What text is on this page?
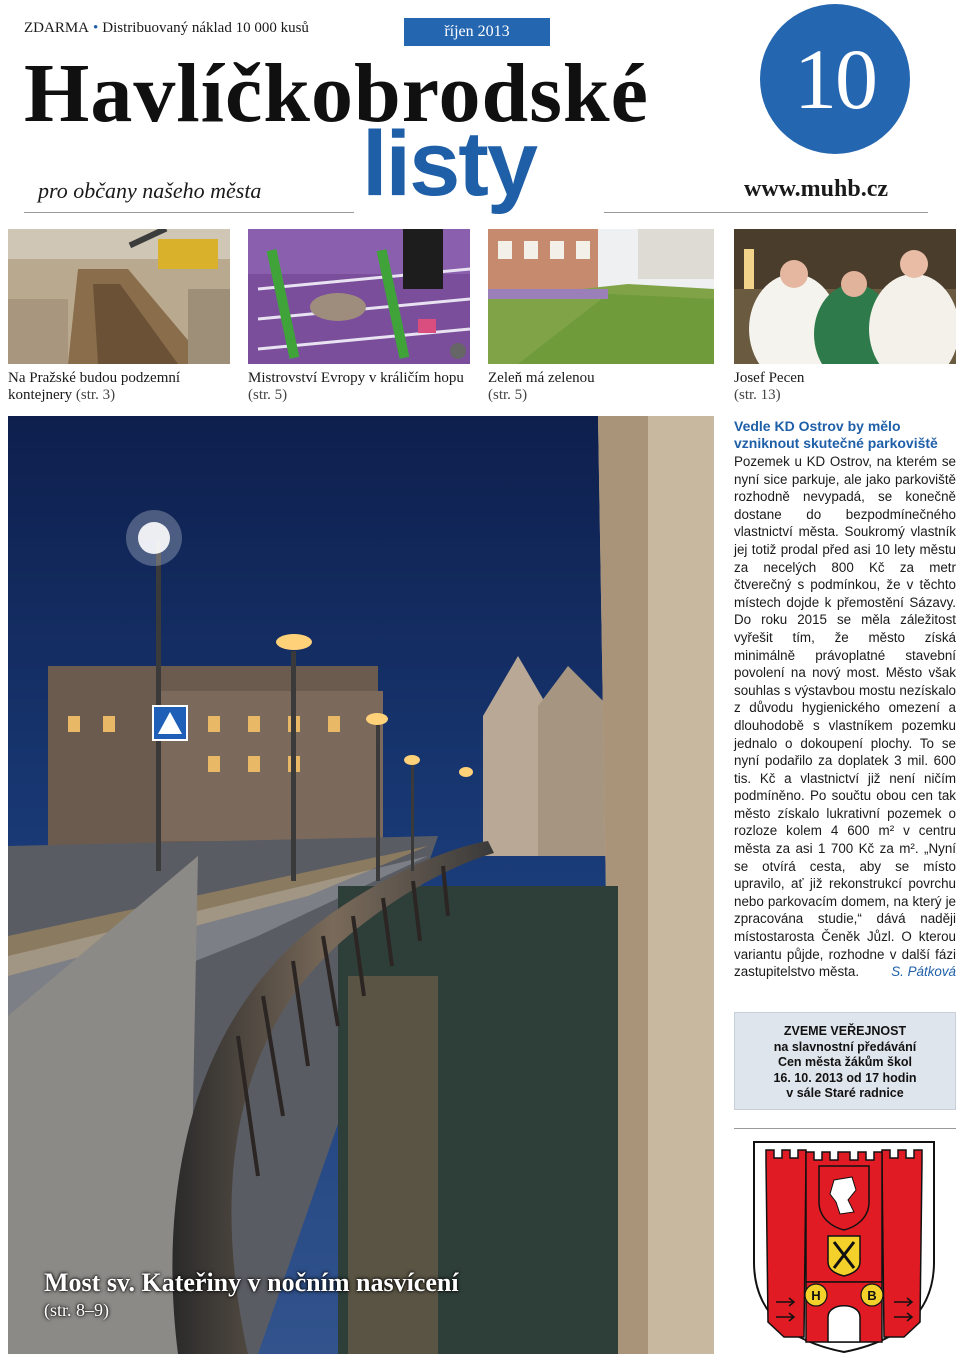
ZDARMA • Distribuovaný náklad 10 000 kusů	říjen 2013
Havlíčkobrodské
listy
pro občany našeho města
10
www.muhb.cz
Na Pražské budou podzemní kontejnery (str. 3)
Mistrovství Evropy v králičím hopu (str. 5)
Zeleň má zelenou
(str. 5)
Josef Pecen
(str. 13)
Most sv. Kateřiny v nočním nasvícení
(str. 8–9)
Vedle KD Ostrov by mělo vzniknout skutečné parkoviště
Pozemek u KD Ostrov, na kterém se nyní sice parkuje, ale jako parkoviště rozhodně nevypadá, se konečně dostane do bezpodmínečného vlastnictví města. Soukromý vlastník jej totiž prodal před asi 10 lety městu za necelých 800 Kč za metr čtverečný s podmínkou, že v těchto místech dojde k přemostění Sázavy. Do roku 2015 se měla záležitost vyřešit tím, že město získá minimálně právoplatné stavební povolení na nový most. Město však souhlas s výstavbou mostu nezískalo z důvodu hygienického omezení a dlouhodobě s vlastníkem pozemku jednalo o dokoupení plochy. To se nyní podařilo za doplatek 3 mil. 600 tis. Kč a vlastnictví již není ničím podmíněno. Po součtu obou cen tak město získalo lukrativní pozemek o rozloze kolem 4 600 m² v centru města za asi 1 700 Kč za m². „Nyní se otvírá cesta, aby se místo upravilo, ať již rekonstrukcí povrchu nebo parkovacím domem, na který je zpracována studie,“ dává naději místostarosta Čeněk Jůzl. O kterou variantu půjde, rozhodne v další fázi zastupitelstvo města.	S. Pátková
ZVEME VEŘEJNOST
na slavnostní předávání
Cen města žákům škol
16. 10. 2013 od 17 hodin
v sále Staré radnice
H	B
